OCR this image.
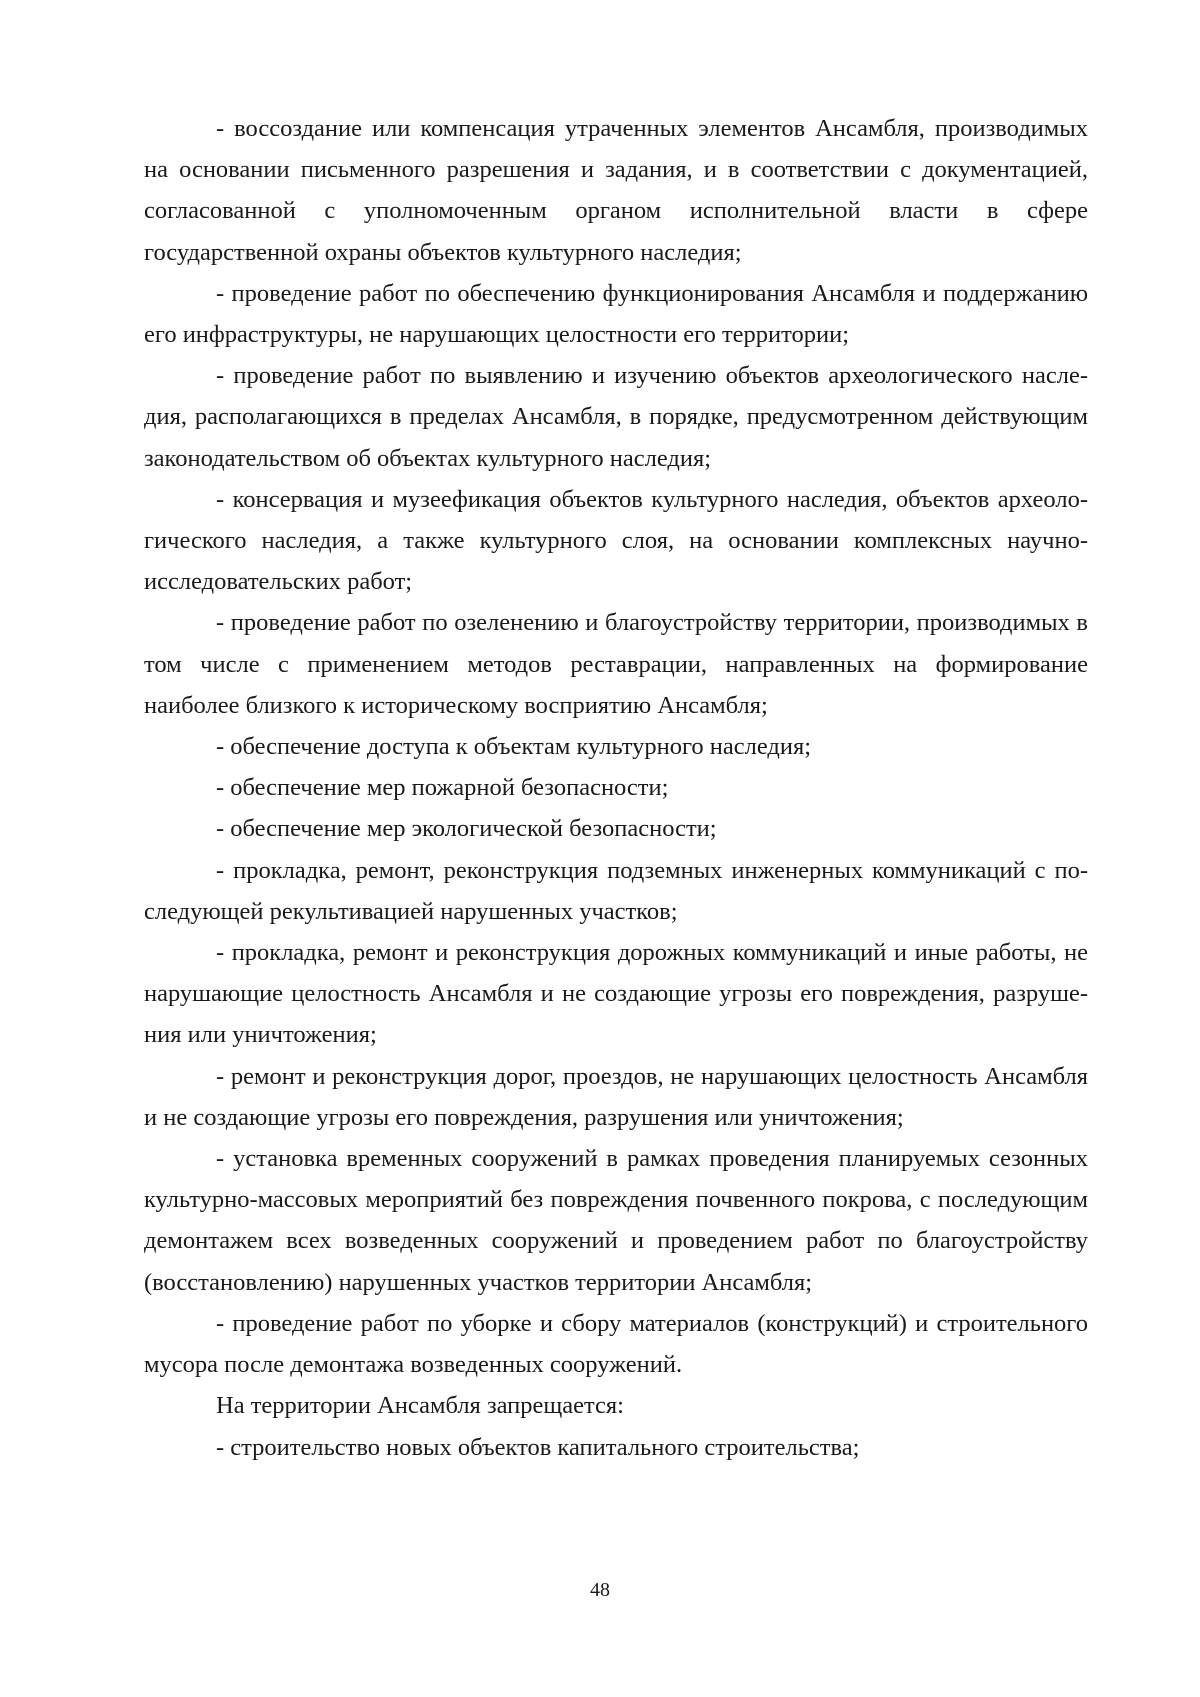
- воссоздание или компенсация утраченных элементов Ансамбля, производимых на основании письменного разрешения и задания, и в соответствии с документацией, согласованной с уполномоченным органом исполнительной власти в сфере государственной охраны объектов культурного наследия;

- проведение работ по обеспечению функционирования Ансамбля и поддержанию его инфраструктуры, не нарушающих целостности его территории;

- проведение работ по выявлению и изучению объектов археологического наследия, располагающихся в пределах Ансамбля, в порядке, предусмотренном действующим законодательством об объектах культурного наследия;

- консервация и музеефикация объектов культурного наследия, объектов археологического наследия, а также культурного слоя, на основании комплексных научно-исследовательских работ;

- проведение работ по озеленению и благоустройству территории, производимых в том числе с применением методов реставрации, направленных на формирование наиболее близкого к историческому восприятию Ансамбля;

- обеспечение доступа к объектам культурного наследия;

- обеспечение мер пожарной безопасности;

- обеспечение мер экологической безопасности;

- прокладка, ремонт, реконструкция подземных инженерных коммуникаций с последующей рекультивацией нарушенных участков;

- прокладка, ремонт и реконструкция дорожных коммуникаций и иные работы, не нарушающие целостность Ансамбля и не создающие угрозы его повреждения, разрушения или уничтожения;

- ремонт и реконструкция дорог, проездов, не нарушающих целостность Ансамбля и не создающие угрозы его повреждения, разрушения или уничтожения;

- установка временных сооружений в рамках проведения планируемых сезонных культурно-массовых мероприятий без повреждения почвенного покрова, с последующим демонтажем всех возведенных сооружений и проведением работ по благоустройству (восстановлению) нарушенных участков территории Ансамбля;

- проведение работ по уборке и сбору материалов (конструкций) и строительного мусора после демонтажа возведенных сооружений.

На территории Ансамбля запрещается:

- строительство новых объектов капитального строительства;

48
